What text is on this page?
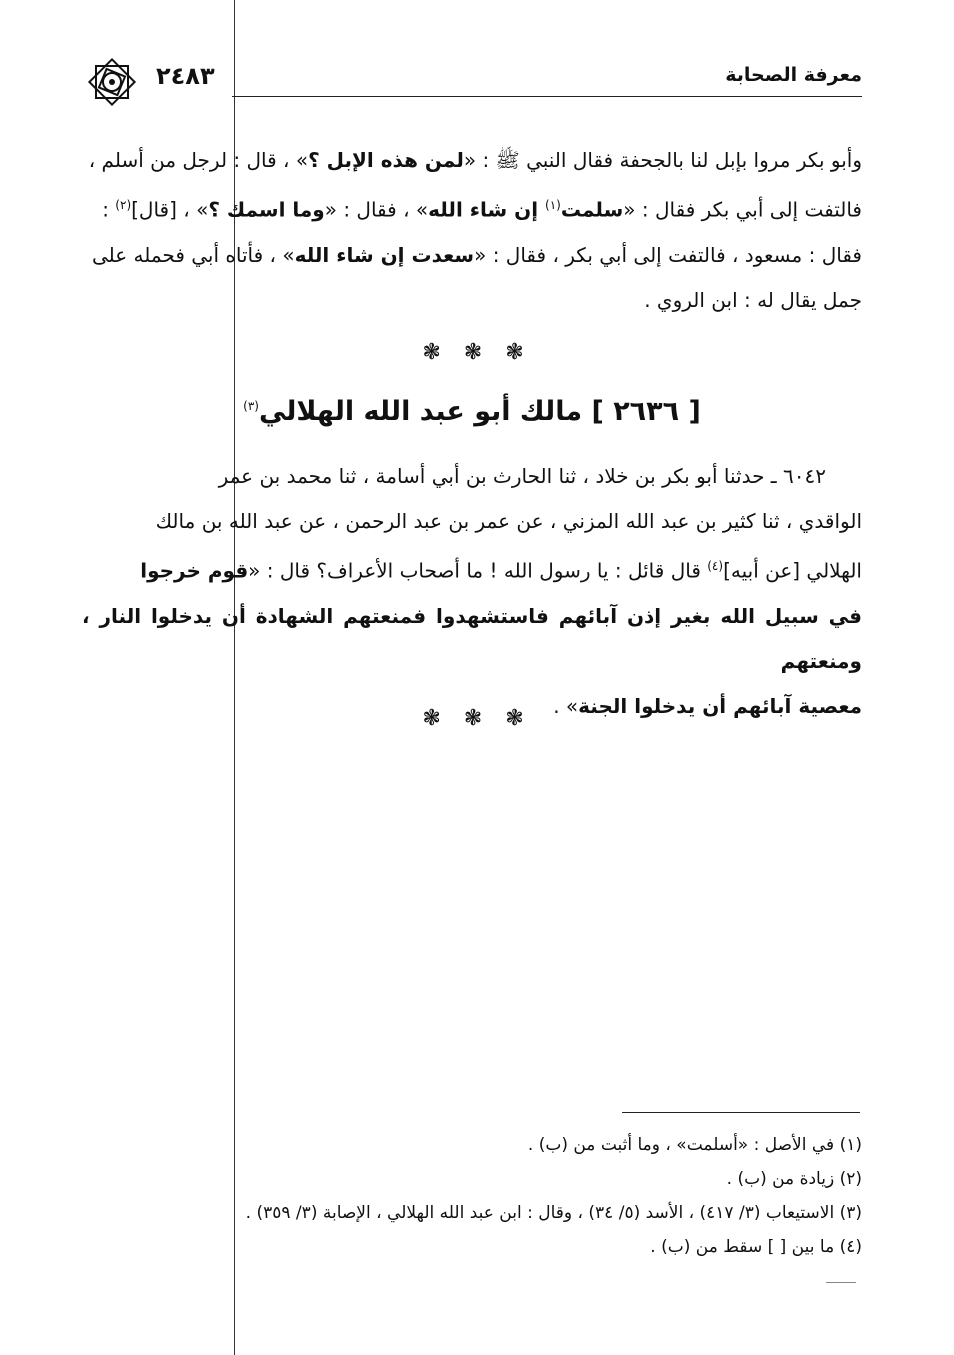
معرفة الصحابة
٢٤٨٣
وأبو بكر مروا بإبل لنا بالجحفة فقال النبي ﷺ : «لمن هذه الإبل ؟» ، قال : لرجل من أسلم ،
فالتفت إلى أبي بكر فقال : «سلمت$^{(١)}$ إن شاء الله» ، فقال : «وما اسمك ؟» ، [قال]$^{(٢)}$ :
فقال : مسعود ، فالتفت إلى أبي بكر ، فقال : «سعدت إن شاء الله» ، فأتاه أبي فحمله على
جمل يقال له : ابن الروي .
❃ ❃ ❃
[ ٢٦٣٦ ] مالك أبو عبد الله الهلالي$^{(٣)}$
٦٠٤٢ ـ حدثنا أبو بكر بن خلاد ، ثنا الحارث بن أبي أسامة ، ثنا محمد بن عمر
الواقدي ، ثنا كثير بن عبد الله المزني ، عن عمر بن عبد الرحمن ، عن عبد الله بن مالك
الهلالي [عن أبيه]$^{(٤)}$ قال قائل : يا رسول الله ! ما أصحاب الأعراف؟ قال : «قوم خرجوا
في سبيل الله بغير إذن آبائهم فاستشهدوا فمنعتهم الشهادة أن يدخلوا النار ، ومنعتهم
معصية آبائهم أن يدخلوا الجنة» .
❃ ❃ ❃
(١) في الأصل : «أسلمت» ، وما أثبت من (ب) .
(٢) زيادة من (ب) .
(٣) الاستيعاب (٣/ ٤١٧) ، الأسد (٥/ ٣٤) ، وقال : ابن عبد الله الهلالي ، الإصابة (٣/ ٣٥٩) .
(٤) ما بين [ ] سقط من (ب) .
